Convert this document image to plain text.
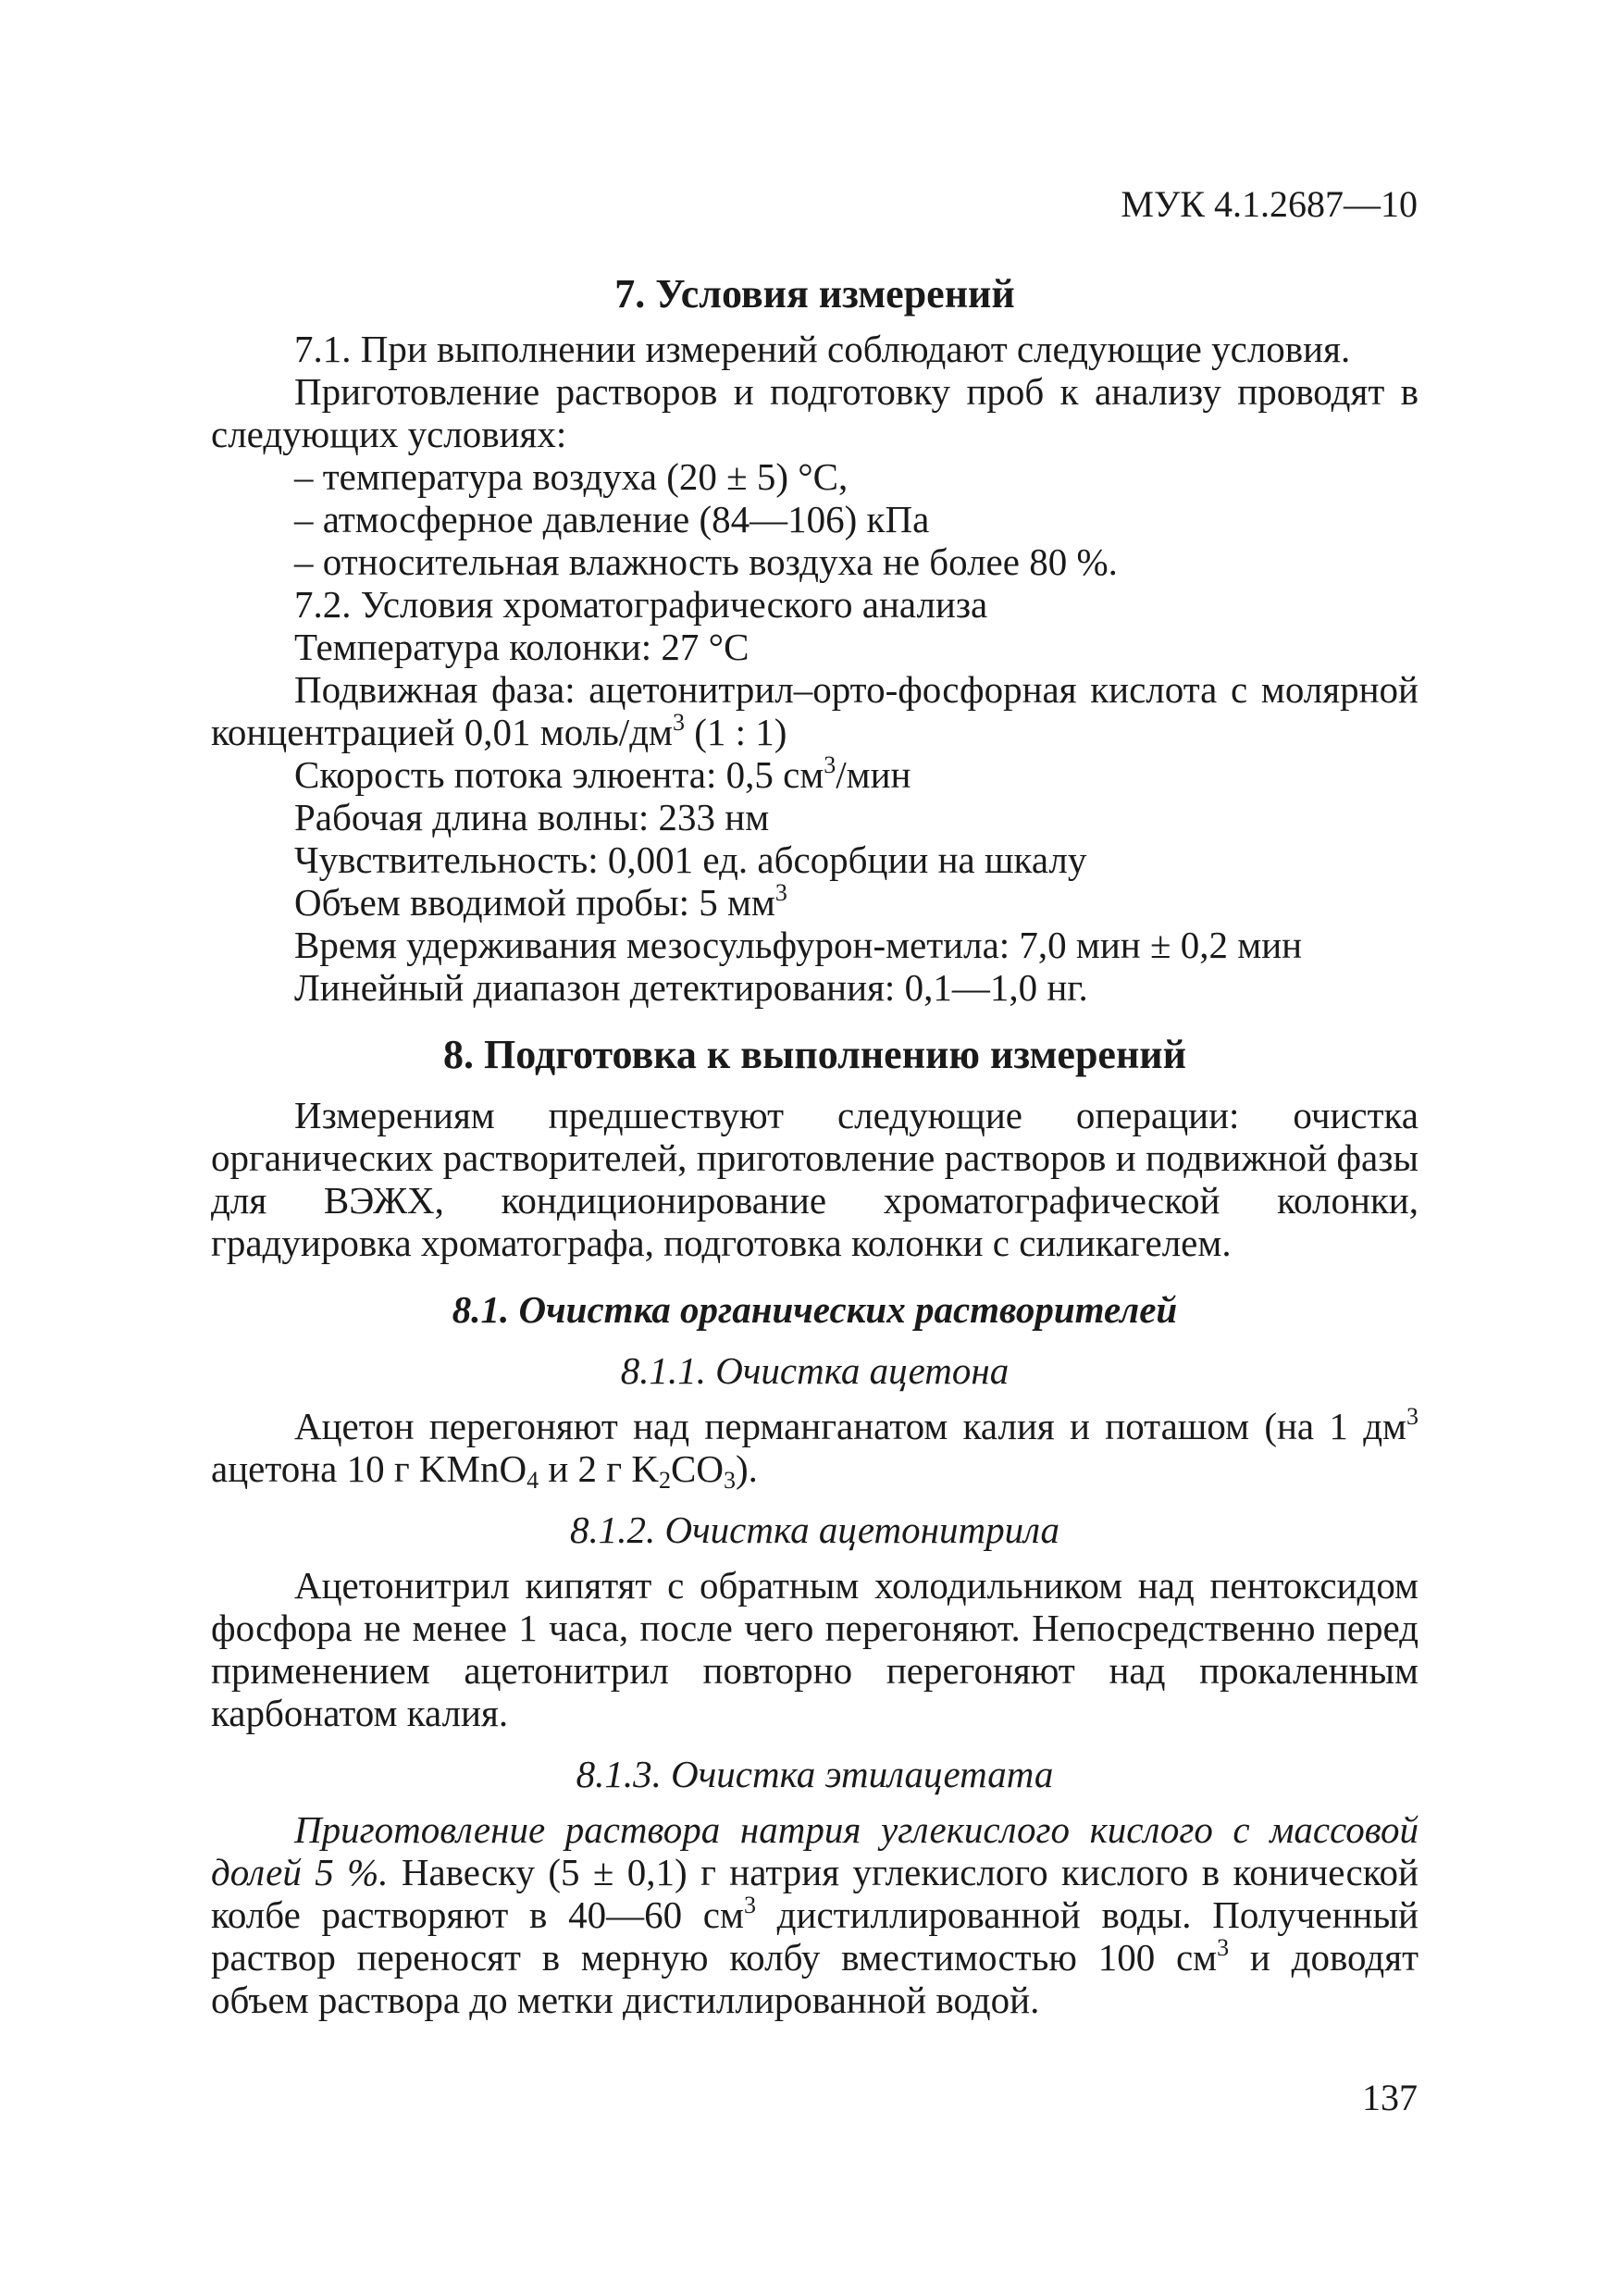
МУК 4.1.2687—10
7. Условия измерений

7.1. При выполнении измерений соблюдают следующие условия.

Приготовление растворов и подготовку проб к анализу проводят в следующих условиях:

– температура воздуха (20 ± 5) °С,

– атмосферное давление (84—106) кПа

– относительная влажность воздуха не более 80 %.

7.2. Условия хроматографического анализа

Температура колонки: 27 °С

Подвижная фаза: ацетонитрил–орто-фосфорная кислота с молярной концентрацией 0,01 моль/$дм^3$ (1 : 1)

Скорость потока элюента: 0,5 $см^3$/мин

Рабочая длина волны: 233 нм

Чувствительность: 0,001 ед. абсорбции на шкалу

Объем вводимой пробы: 5 $мм^3$

Время удерживания мезосульфурон-метила: 7,0 мин ± 0,2 мин

Линейный диапазон детектирования: 0,1—1,0 нг.

8. Подготовка к выполнению измерений

Измерениям предшествуют следующие операции: очистка органических растворителей, приготовление растворов и подвижной фазы для ВЭЖХ, кондиционирование хроматографической колонки, градуировка хроматографа, подготовка колонки с силикагелем.

8.1. Очистка органических растворителей

8.1.1. Очистка ацетона

Ацетон перегоняют над перманганатом калия и поташом (на 1 $дм^3$ ацетона 10 г KMnO$_4$ и 2 г $K_2CO_3$).

8.1.2. Очистка ацетонитрила

Ацетонитрил кипятят с обратным холодильником над пентоксидом фосфора не менее 1 часа, после чего перегоняют. Непосредственно перед применением ацетонитрил повторно перегоняют над прокаленным карбонатом калия.

8.1.3. Очистка этилацетата

Приготовление раствора натрия углекислого кислого с массовой долей 5 %. Навеску (5 ± 0,1) г натрия углекислого кислого в конической колбе растворяют в 40—60 $см^3$ дистиллированной воды. Полученный раствор переносят в мерную колбу вместимостью 100 $см^3$ и доводят объем раствора до метки дистиллированной водой.

137
